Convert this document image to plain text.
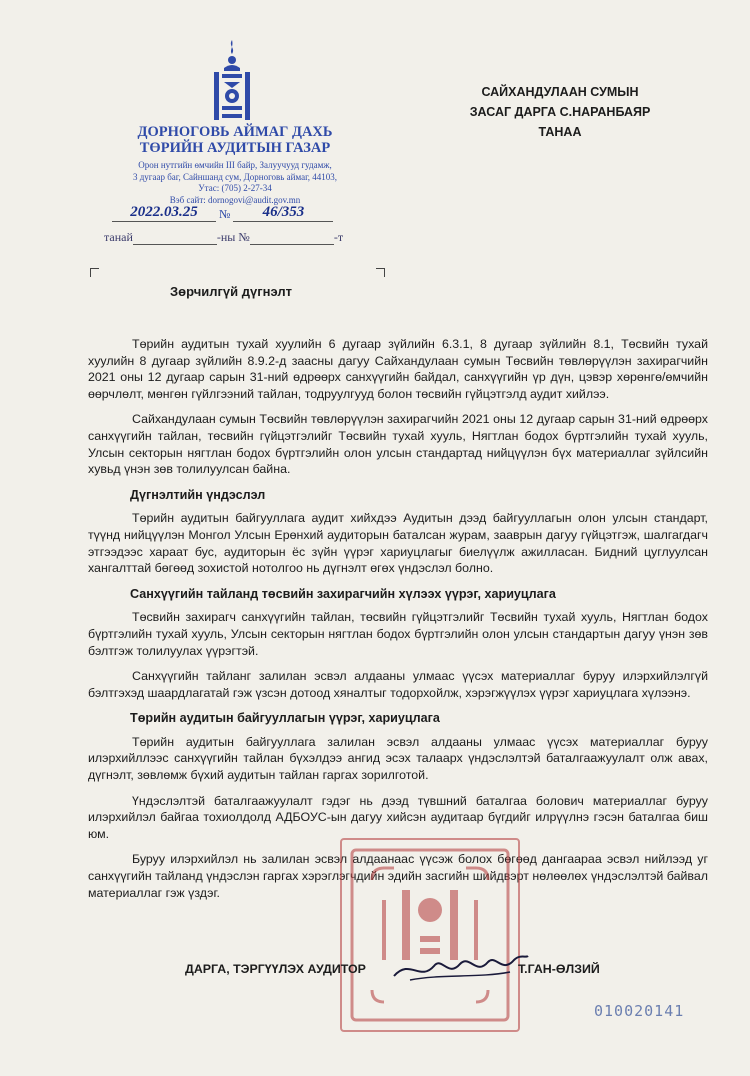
ДОРНОГОВЬ АЙМАГ ДАХЬ
ТӨРИЙН АУДИТЫН ГАЗАР
Орон нутгийн өмчийн III байр, Залуучууд гудамж,
3 дугаар баг, Сайншанд сум, Дорноговь аймаг, 44103,
Утас: (705) 2-27-34
Вэб сайт: dornogovi@audit.gov.mn
2022.03.25 № 46/353
танай	-ны №	-т
САЙХАНДУЛААН СУМЫН
ЗАСАГ ДАРГА С.НАРАНБАЯР
ТАНАА
Зөрчилгүй дүгнэлт

Төрийн аудитын тухай хуулийн 6 дугаар зүйлийн 6.3.1, 8 дугаар зүйлийн 8.1, Төсвийн тухай хуулийн 8 дугаар зүйлийн 8.9.2-д заасны дагуу Сайхандулаан сумын Төсвийн төвлөрүүлэн захирагчийн 2021 оны 12 дугаар сарын 31-ний өдрөөрх санхүүгийн байдал, санхүүгийн үр дүн, цэвэр хөрөнгө/өмчийн өөрчлөлт, мөнгөн гүйлгээний тайлан, тодруулгууд болон төсвийн гүйцэтгэлд аудит хийлээ.

Сайхандулаан сумын Төсвийн төвлөрүүлэн захирагчийн 2021 оны 12 дугаар сарын 31-ний өдрөөрх санхүүгийн тайлан, төсвийн гүйцэтгэлийг Төсвийн тухай хууль, Нягтлан бодох бүртгэлийн тухай хууль, Улсын секторын нягтлан бодох бүртгэлийн олон улсын стандартад нийцүүлэн бүх материаллаг зүйлсийн хувьд үнэн зөв толилуулсан байна.

Дүгнэлтийн үндэслэл

Төрийн аудитын байгууллага аудит хийхдээ Аудитын дээд байгууллагын олон улсын стандарт, түүнд нийцүүлэн Монгол Улсын Ерөнхий аудиторын баталсан журам, зааврын дагуу гүйцэтгэж, шалгагдагч этгээдээс хараат бус, аудиторын ёс зүйн үүрэг хариуцлагыг биелүүлж ажилласан. Бидний цуглуулсан хангалттай бөгөөд зохистой нотолгоо нь дүгнэлт өгөх үндэслэл болно.

Санхүүгийн тайланд төсвийн захирагчийн хүлээх үүрэг, хариуцлага

Төсвийн захирагч санхүүгийн тайлан, төсвийн гүйцэтгэлийг Төсвийн тухай хууль, Нягтлан бодох бүртгэлийн тухай хууль, Улсын секторын нягтлан бодох бүртгэлийн олон улсын стандартын дагуу үнэн зөв бэлтгэж толилуулах үүрэгтэй.

Санхүүгийн тайланг залилан эсвэл алдааны улмаас үүсэх материаллаг буруу илэрхийлэлгүй бэлтгэхэд шаардлагатай гэж үзсэн дотоод хяналтыг тодорхойлж, хэрэгжүүлэх үүрэг хариуцлага хүлээнэ.

Төрийн аудитын байгууллагын үүрэг, хариуцлага

Төрийн аудитын байгууллага залилан эсвэл алдааны улмаас үүсэх материаллаг буруу илэрхийллээс санхүүгийн тайлан бүхэлдээ ангид эсэх талаарх үндэслэлтэй баталгаажуулалт олж авах, дүгнэлт, зөвлөмж бүхий аудитын тайлан гаргах зорилготой.

Үндэслэлтэй баталгаажуулалт гэдэг нь дээд түвшний баталгаа болович материаллаг буруу илэрхийлэл байгаа тохиолдолд АДБОУС-ын дагуу хийсэн аудитаар бүгдийг илрүүлнэ гэсэн баталгаа биш юм.

Буруу илэрхийлэл нь залилан эсвэл алдаанаас үүсэж болох бөгөөд дангаараа эсвэл нийлээд уг санхүүгийн тайланд үндэслэн гаргах хэрэглэгчдийн эдийн засгийн шийдвэрт нөлөөлөх үндэслэлтэй байвал материаллаг гэж үздэг.

ДАРГА, ТЭРГҮҮЛЭХ АУДИТОР	Т.ГАН-ӨЛЗИЙ
010020141
